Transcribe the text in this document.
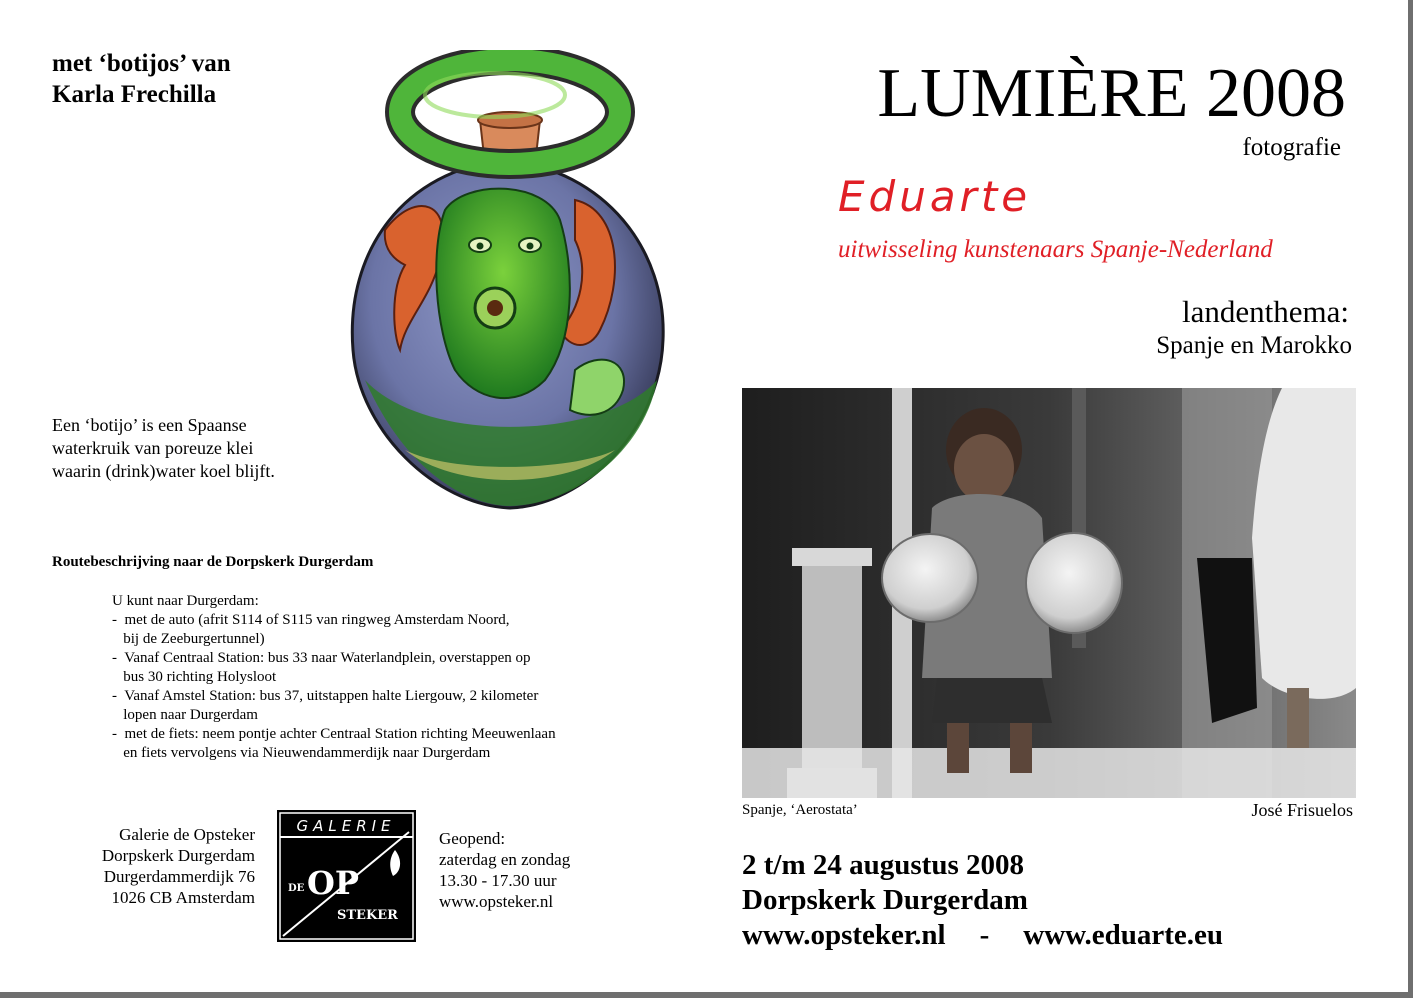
met ‘botijos’ van
Karla Frechilla
Een ‘botijo’ is een Spaanse waterkruik van poreuze klei waarin (drink)water koel blijft.
Routebeschrijving naar de Dorpskerk Durgerdam
U kunt naar Durgerdam:
-  met de auto (afrit S114 of S115 van ringweg Amsterdam Noord,
bij de Zeeburgertunnel)
-  Vanaf Centraal Station: bus 33 naar Waterlandplein, overstappen op
bus 30 richting Holysloot
-  Vanaf Amstel Station: bus 37, uitstappen halte Liergouw, 2 kilometer
lopen naar Durgerdam
-  met de fiets: neem pontje achter Centraal Station richting Meeuwenlaan
en fiets vervolgens via Nieuwendammerdijk naar Durgerdam
Galerie de Opsteker
Dorpskerk Durgerdam
Durgerdammerdijk 76
1026 CB Amsterdam
GALERIE
DE OP
STEKER
Geopend:
zaterdag en zondag
13.30 - 17.30 uur
www.opsteker.nl
LUMIÈRE 2008
fotografie
Eduarte
uitwisseling kunstenaars Spanje-Nederland
landenthema:
Spanje en Marokko
Spanje, ‘Aerostata’	José Frisuelos
2 t/m 24 augustus 2008
Dorpskerk Durgerdam
www.opsteker.nl - www.eduarte.eu
